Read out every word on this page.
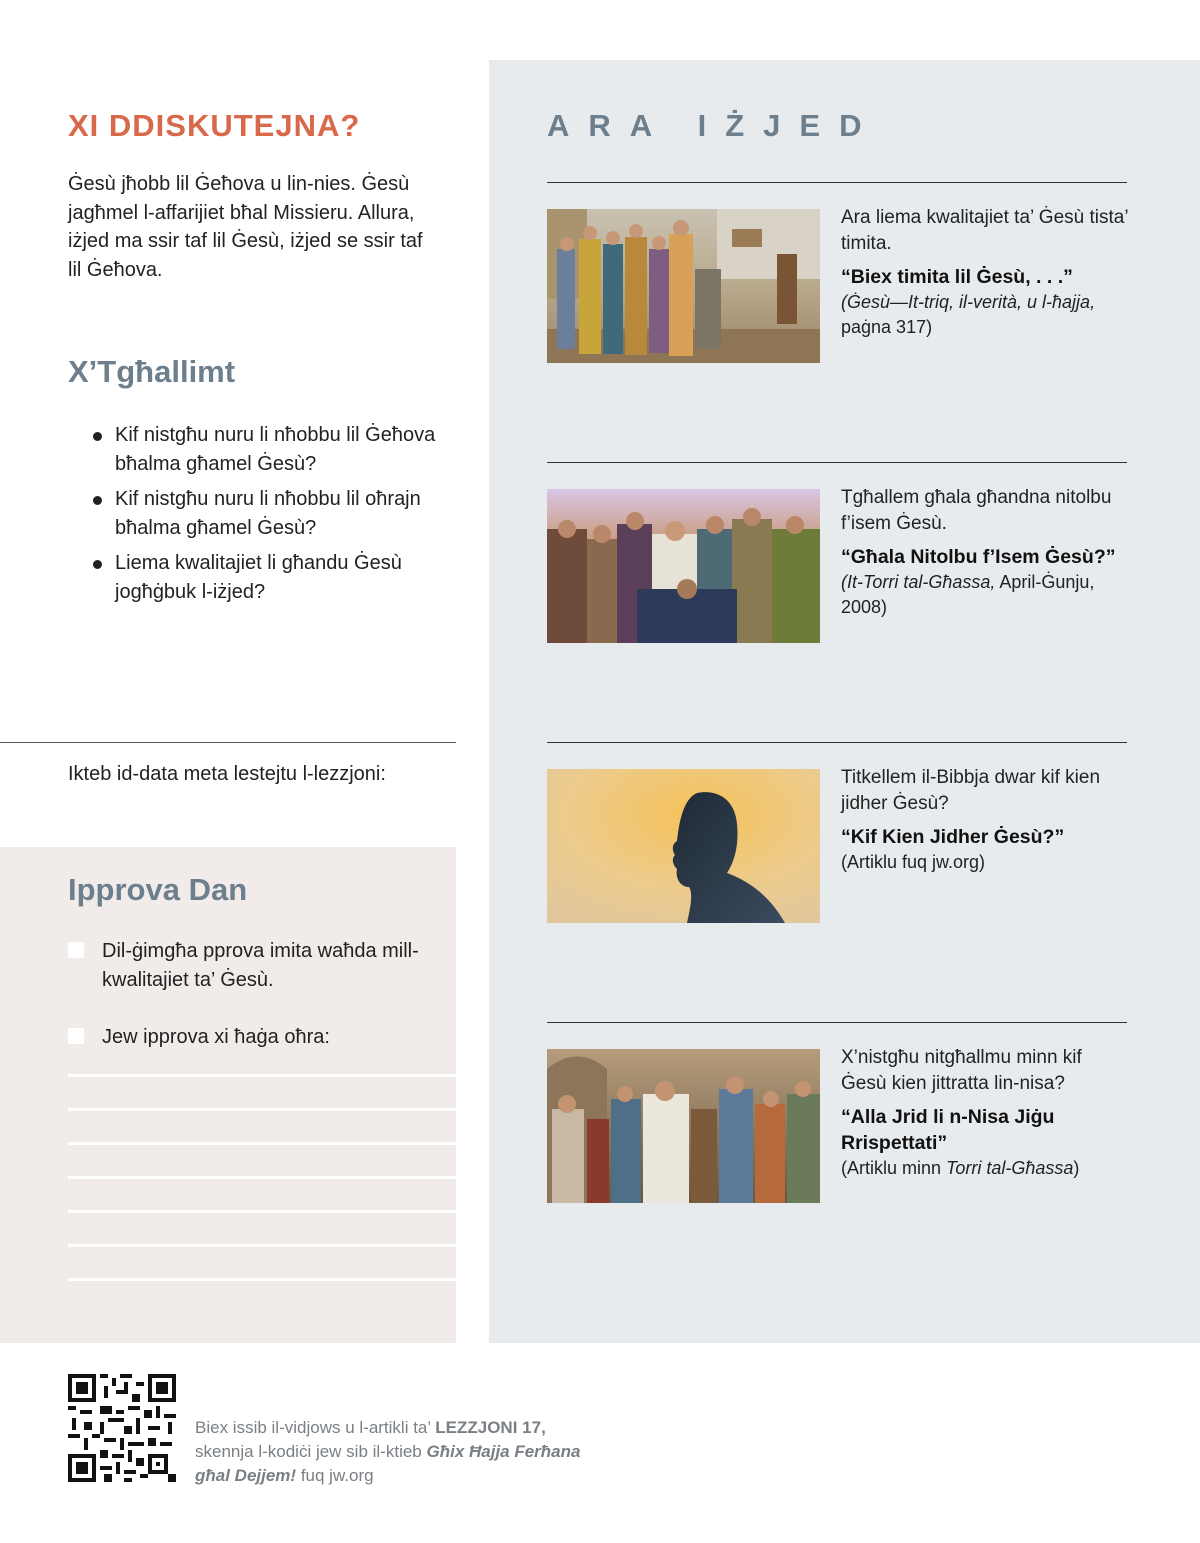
XI DDISKUTEJNA?

Ġesù jħobb lil Ġeħova u lin-nies. Ġesù jagħmel l-affarijiet bħal Missieru. Allura, iżjed ma ssir taf lil Ġesù, iżjed se ssir taf lil Ġeħova.

X’Tgħallimt
Kif nistgħu nuru li nħobbu lil Ġeħova bħalma għamel Ġesù?
Kif nistgħu nuru li nħobbu lil oħrajn bħalma għamel Ġesù?
Liema kwalitajiet li għandu Ġesù jogħġbuk l-iżjed?
Ikteb id-data meta lestejtu l-lezzjoni:
Ipprova Dan
Dil-ġimgħa pprova imita waħda mill-kwalitajiet ta’ Ġesù.
Jew ipprova xi ħaġa oħra:
ARA IŻJED
Ara liema kwalitajiet ta’ Ġesù tista’ timita.
“Biex timita lil Ġesù, . . .”
(Ġesù—It-triq, il-verità, u l-ħajja, paġna 317)
Tgħallem għala għandna nitolbu f’isem Ġesù.
“Għala Nitolbu f’Isem Ġesù?”
(It-Torri tal-Għassa, April-Ġunju, 2008)
Titkellem il-Bibbja dwar kif kien jidher Ġesù?
“Kif Kien Jidher Ġesù?”
(Artiklu fuq jw.org)
X’nistgħu nitgħallmu minn kif Ġesù kien jittratta lin-nisa?
“Alla Jrid li n-Nisa Jiġu Rrispettati”
(Artiklu minn Torri tal-Għassa)
Biex issib il-vidjows u l-artikli ta’ LEZZJONI 17,
skennja l-kodiċi jew sib il-ktieb Għix Ħajja Ferħana
għal Dejjem! fuq jw.org
